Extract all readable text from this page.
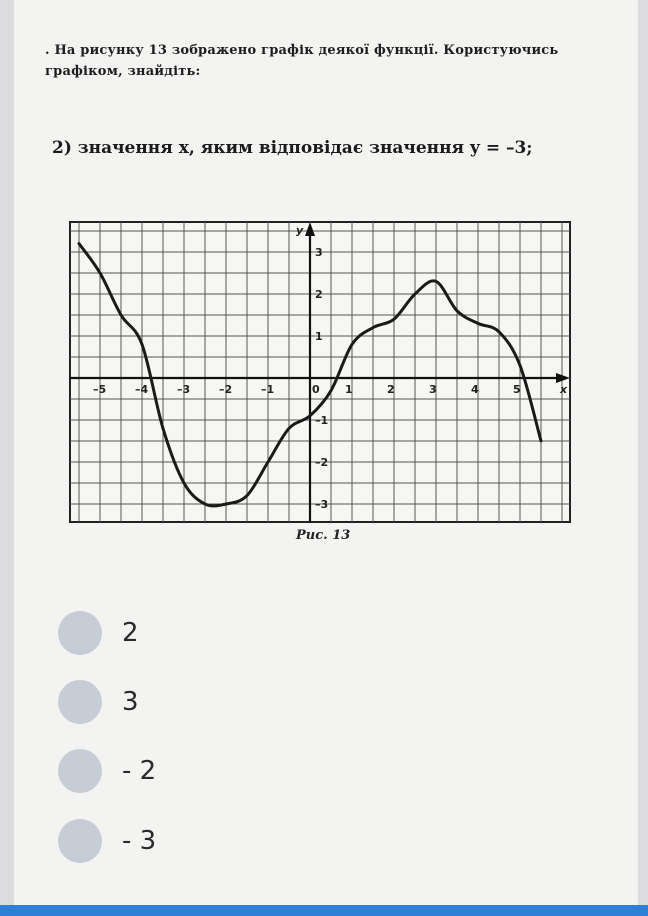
. На рисунку 13 зображено графік деякої функції. Користуючись графіком, знайдіть:
2) значення x, яким відповідає значення y = –3;
–5	–4	–3	–2	–1	0 1	2	3	4	5
3
2
1
–1
–2
–3
x
y
Рис. 13
2
3
- 2
- 3
